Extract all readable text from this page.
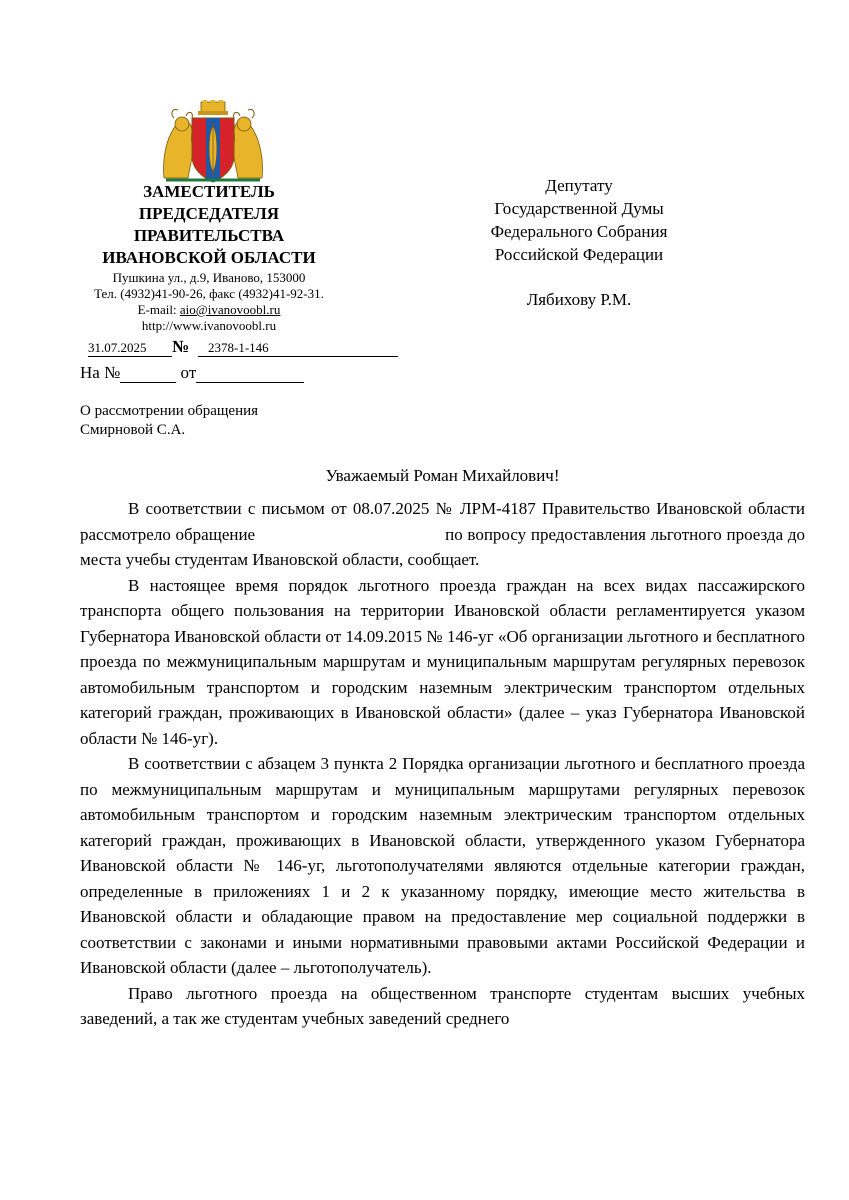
ЗАМЕСТИТЕЛЬ
ПРЕДСЕДАТЕЛЯ
ПРАВИТЕЛЬСТВА
ИВАНОВСКОЙ ОБЛАСТИ
Пушкина ул., д.9, Иваново, 153000
Тел. (4932)41-90-26, факс (4932)41-92-31.
E-mail: aio@ivanovoobl.ru
http://www.ivanovoobl.ru
31.07.2025	№	2378-1-146
На №	от
О рассмотрении обращения
Смирновой С.А.
Депутату
Государственной Думы
Федерального Собрания
Российской Федерации
Лябихову Р.М.
Уважаемый Роман Михайлович!

В соответствии с письмом от 08.07.2025 № ЛРМ-4187 Правительство Ивановской области рассмотрело обращение	по вопросу предоставления льготного проезда до места учебы студентам Ивановской области, сообщает.

В настоящее время порядок льготного проезда граждан на всех видах пассажирского транспорта общего пользования на территории Ивановской области регламентируется указом Губернатора Ивановской области от 14.09.2015 № 146-уг «Об организации льготного и бесплатного проезда по межмуниципальным маршрутам и муниципальным маршрутам регулярных перевозок автомобильным транспортом и городским наземным электрическим транспортом отдельных категорий граждан, проживающих в Ивановской области» (далее – указ Губернатора Ивановской области № 146-уг).

В соответствии с абзацем 3 пункта 2 Порядка организации льготного и бесплатного проезда по межмуниципальным маршрутам и муниципальным маршрутами регулярных перевозок автомобильным транспортом и городским наземным электрическим транспортом отдельных категорий граждан, проживающих в Ивановской области, утвержденного указом Губернатора Ивановской области № 146-уг, льготополучателями являются отдельные категории граждан, определенные в приложениях 1 и 2 к указанному порядку, имеющие место жительства в Ивановской области и обладающие правом на предоставление мер социальной поддержки в соответствии с законами и иными нормативными правовыми актами Российской Федерации и Ивановской области (далее – льготополучатель).

Право льготного проезда на общественном транспорте студентам высших учебных заведений, а так же студентам учебных заведений среднего
